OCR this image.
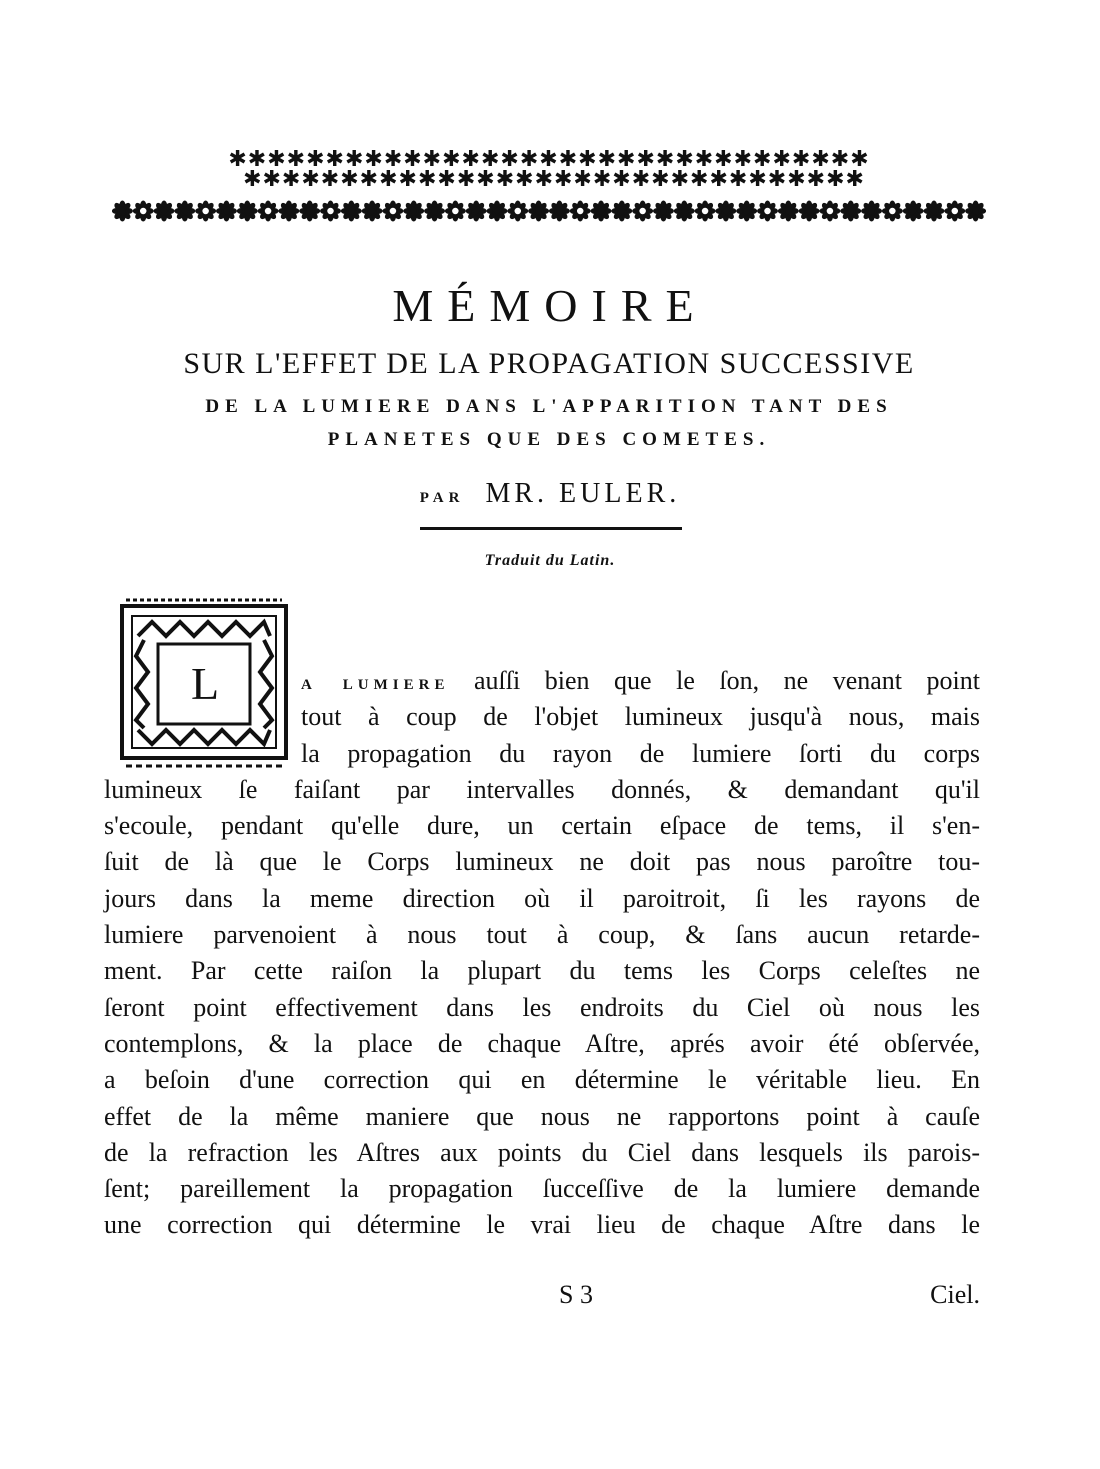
✱✱✱✱✱✱✱✱✱✱✱✱✱✱✱✱✱✱✱✱✱✱✱✱✱✱✱✱✱✱✱✱✱
✱✱✱✱✱✱✱✱✱✱✱✱✱✱✱✱✱✱✱✱✱✱✱✱✱✱✱✱✱✱✱✱
MÉMOIRE
SUR L'EFFET DE LA PROPAGATION SUCCESSIVE
DE LA LUMIERE DANS L'APPARITION TANT DES
PLANETES QUE DES COMETES.
PAR MR. EULER.
Traduit du Latin.
L	A LUMIERE auſſi bien que le ſon, ne venant point
tout à coup de l'objet lumineux jusqu'à nous, mais
la propagation du rayon de lumiere ſorti du corps
lumineux ſe faiſant par intervalles donnés, & demandant qu'il
s'ecoule, pendant qu'elle dure, un certain eſpace de tems, il s'en-
ſuit de là que le Corps lumineux ne doit pas nous paroître tou-
jours dans la meme direction où il paroitroit, ſi les rayons de
lumiere parvenoient à nous tout à coup, & ſans aucun retarde-
ment. Par cette raiſon la plupart du tems les Corps celeſtes ne
ſeront point effectivement dans les endroits du Ciel où nous les
contemplons, & la place de chaque Aſtre, aprés avoir été obſervée,
a beſoin d'une correction qui en détermine le véritable lieu. En
effet de la même maniere que nous ne rapportons point à cauſe
de la refraction les Aſtres aux points du Ciel dans lesquels ils parois-
ſent; pareillement la propagation ſucceſſive de la lumiere demande
une correction qui détermine le vrai lieu de chaque Aſtre dans le
S 3	Ciel.
